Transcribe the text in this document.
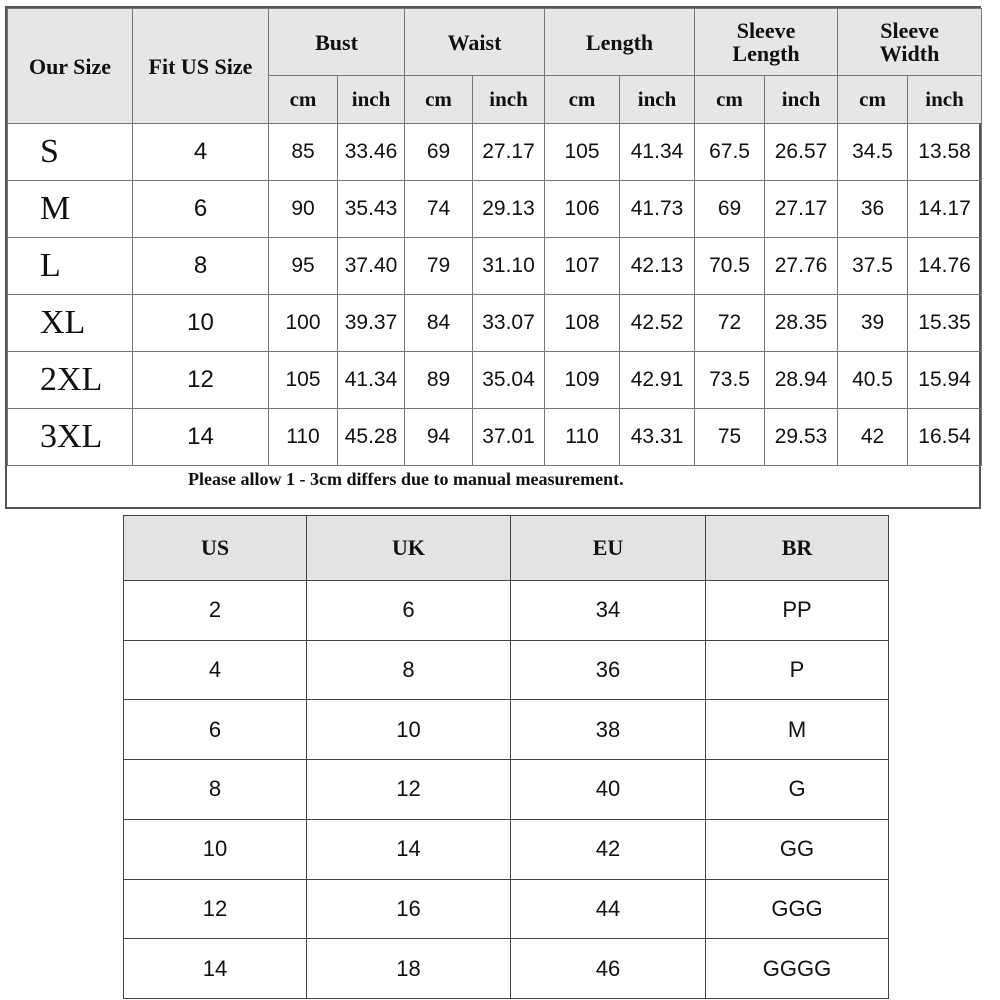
Our Size	Fit US Size	Bust		Waist		Length		Sleeve Length		Sleeve Width	
		cm	inch	cm	inch	cm	inch	cm	inch	cm	inch
S	4	85	33.46	69	27.17	105	41.34	67.5	26.57	34.5	13.58
M	6	90	35.43	74	29.13	106	41.73	69	27.17	36	14.17
L	8	95	37.40	79	31.10	107	42.13	70.5	27.76	37.5	14.76
XL	10	100	39.37	84	33.07	108	42.52	72	28.35	39	15.35
2XL	12	105	41.34	89	35.04	109	42.91	73.5	28.94	40.5	15.94
3XL	14	110	45.28	94	37.01	110	43.31	75	29.53	42	16.54
Please allow 1 - 3cm differs due to manual measurement.
US	UK	EU	BR
2	6	34	PP
4	8	36	P
6	10	38	M
8	12	40	G
10	14	42	GG
12	16	44	GGG
14	18	46	GGGG
